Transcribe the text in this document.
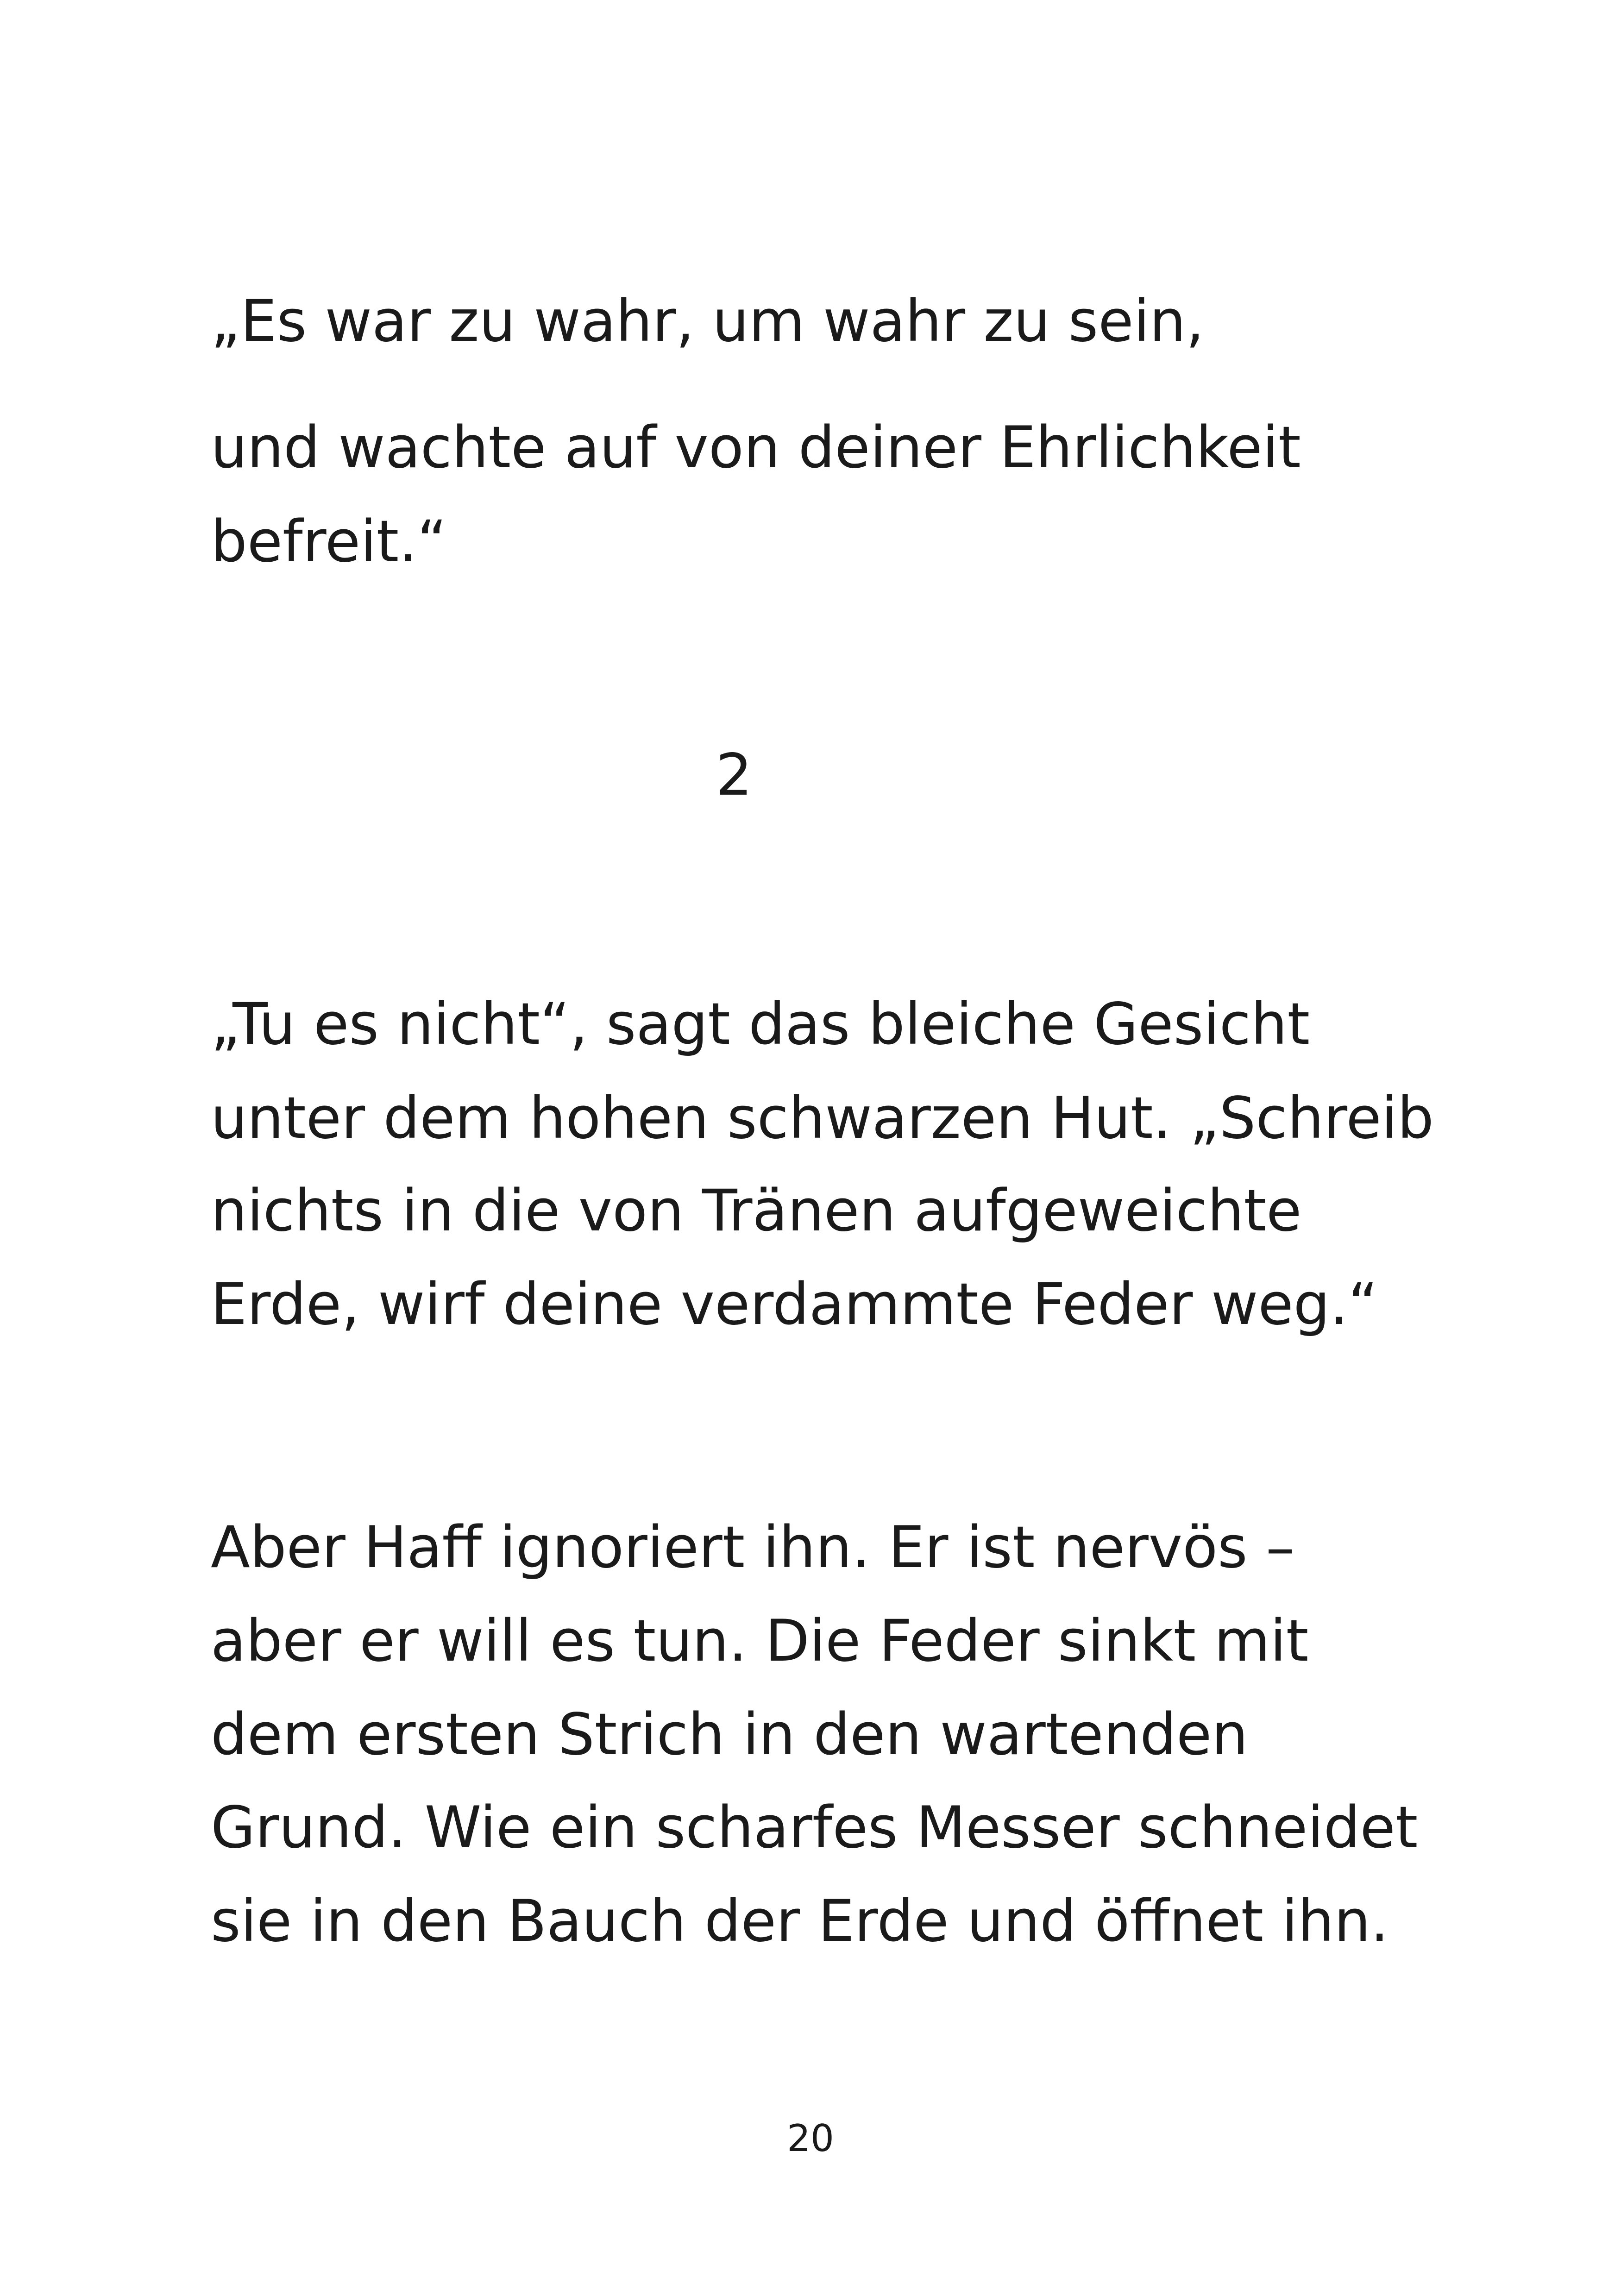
„Es war zu wahr, um wahr zu sein,
und wachte auf von deiner Ehrlichkeit
befreit.“
2
„Tu es nicht“, sagt das bleiche Gesicht
unter dem hohen schwarzen Hut. „Schreib
nichts in die von Tränen aufgeweichte
Erde, wirf deine verdammte Feder weg.“
Aber Haff ignoriert ihn. Er ist nervös –
aber er will es tun. Die Feder sinkt mit
dem ersten Strich in den wartenden
Grund. Wie ein scharfes Messer schneidet
sie in den Bauch der Erde und öffnet ihn.
20
